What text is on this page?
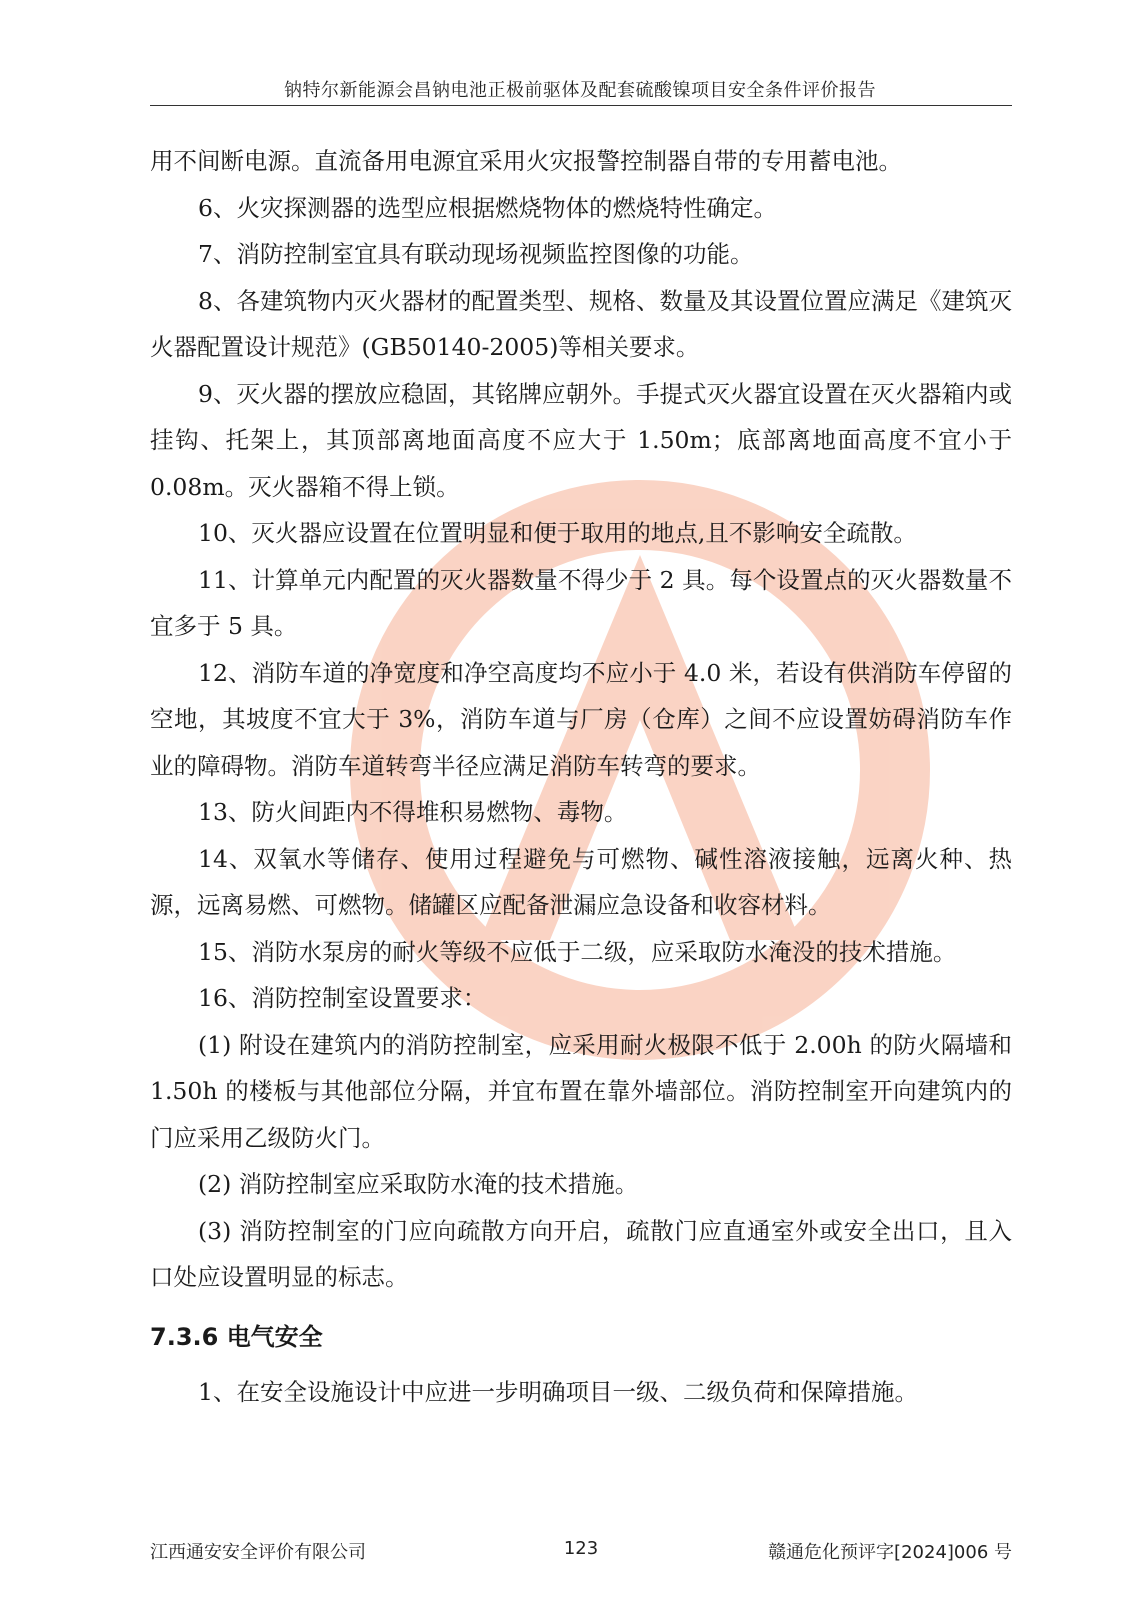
钠特尔新能源会昌钠电池正极前驱体及配套硫酸镍项目安全条件评价报告

用不间断电源。直流备用电源宜采用火灾报警控制器自带的专用蓄电池。

6、火灾探测器的选型应根据燃烧物体的燃烧特性确定。

7、消防控制室宜具有联动现场视频监控图像的功能。

8、各建筑物内灭火器材的配置类型、规格、数量及其设置位置应满足《建筑灭火器配置设计规范》(GB50140-2005)等相关要求。

9、灭火器的摆放应稳固，其铭牌应朝外。手提式灭火器宜设置在灭火器箱内或挂钩、托架上，其顶部离地面高度不应大于 1.50m；底部离地面高度不宜小于 0.08m。灭火器箱不得上锁。

10、灭火器应设置在位置明显和便于取用的地点,且不影响安全疏散。

11、计算单元内配置的灭火器数量不得少于 2 具。每个设置点的灭火器数量不宜多于 5 具。

12、消防车道的净宽度和净空高度均不应小于 4.0 米，若设有供消防车停留的空地，其坡度不宜大于 3%，消防车道与厂房（仓库）之间不应设置妨碍消防车作业的障碍物。消防车道转弯半径应满足消防车转弯的要求。

13、防火间距内不得堆积易燃物、毒物。

14、双氧水等储存、使用过程避免与可燃物、碱性溶液接触，远离火种、热源，远离易燃、可燃物。储罐区应配备泄漏应急设备和收容材料。

15、消防水泵房的耐火等级不应低于二级，应采取防水淹没的技术措施。

16、消防控制室设置要求：

(1) 附设在建筑内的消防控制室，应采用耐火极限不低于 2.00h 的防火隔墙和 1.50h 的楼板与其他部位分隔，并宜布置在靠外墙部位。消防控制室开向建筑内的门应采用乙级防火门。

(2) 消防控制室应采取防水淹的技术措施。

(3) 消防控制室的门应向疏散方向开启，疏散门应直通室外或安全出口，且入口处应设置明显的标志。

7.3.6 电气安全

1、在安全设施设计中应进一步明确项目一级、二级负荷和保障措施。

江西通安安全评价有限公司	123	赣通危化预评字[2024]006 号
